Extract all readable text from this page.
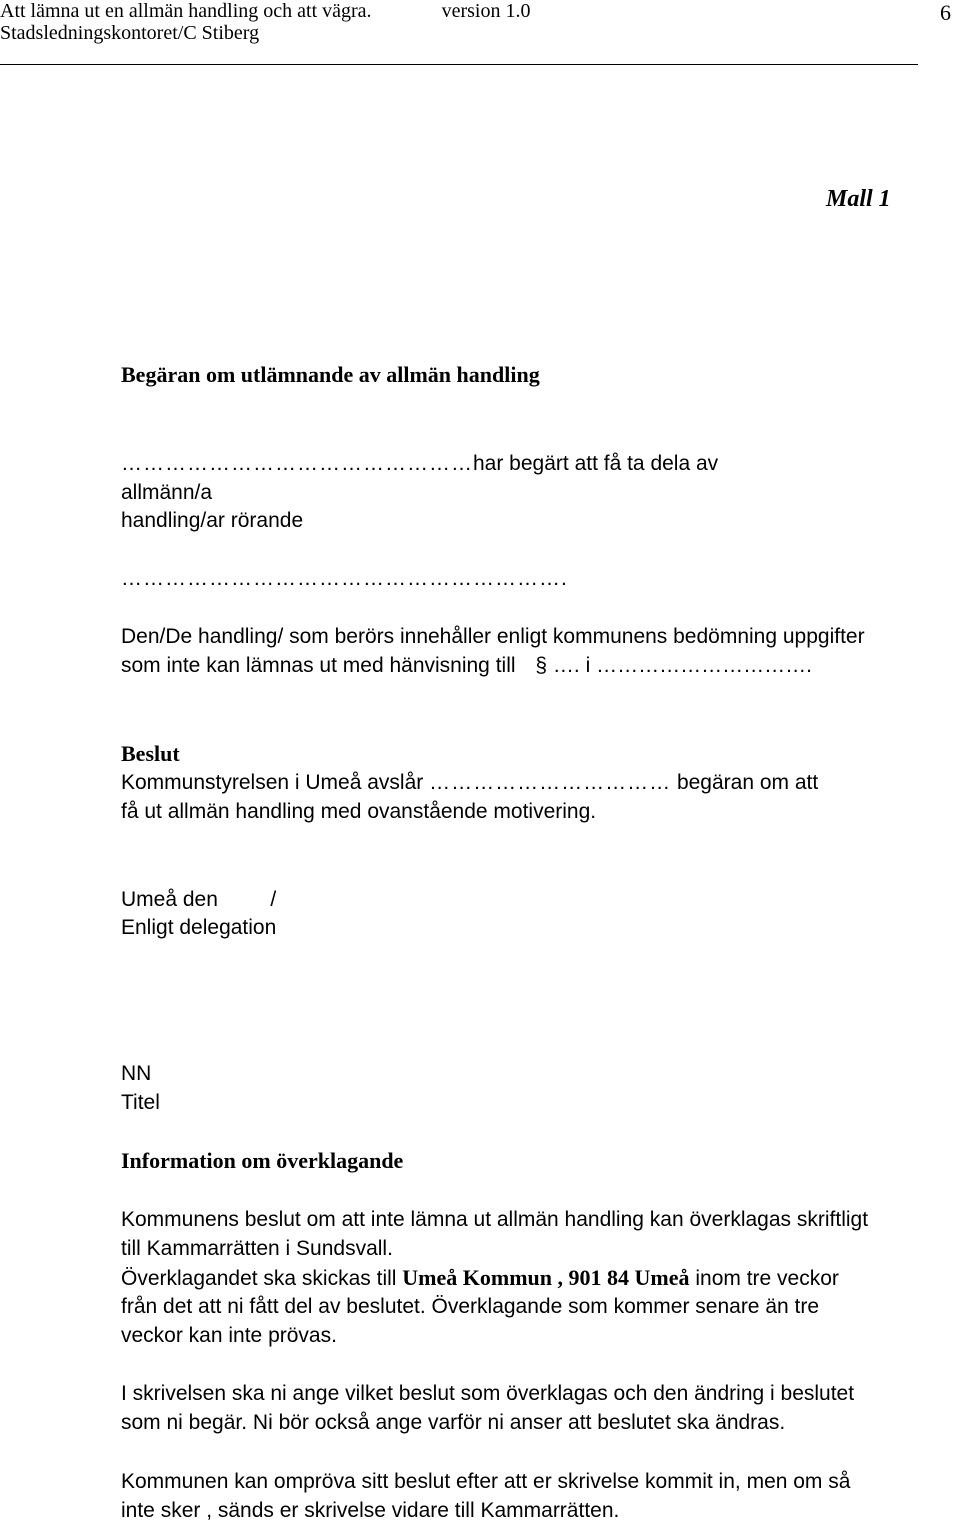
Att lämna ut en allmän handling och att vägra.	version 1.0	6
Stadsledningskontoret/C Stiberg
Mall 1
Begäran om utlämnande av allmän handling
…………………………………………har begärt att få ta dela av
allmänn/a
handling/ar rörande
…………………………………………………….
Den/De handling/ som berörs innehåller enligt kommunens bedömning uppgifter
som inte kan lämnas ut med hänvisning till § …. i ………………………….
Beslut
Kommunstyrelsen i Umeå avslår …………………………… begäran om att
få ut allmän handling med ovanstående motivering.
Umeå den         /
Enligt delegation
NN
Titel
Information om överklagande
Kommunens beslut om att inte lämna ut allmän handling kan överklagas skriftligt
till Kammarrätten i Sundsvall.
Överklagandet ska skickas till Umeå Kommun , 901 84 Umeå inom tre veckor
från det att ni fått del av beslutet. Överklagande som kommer senare än tre
veckor kan inte prövas.
I skrivelsen ska ni ange vilket beslut som överklagas och den ändring i beslutet
som ni begär. Ni bör också ange varför ni anser att beslutet ska ändras.
Kommunen kan ompröva sitt beslut efter att er skrivelse kommit in, men om så
inte sker , sänds er skrivelse vidare till Kammarrätten.
